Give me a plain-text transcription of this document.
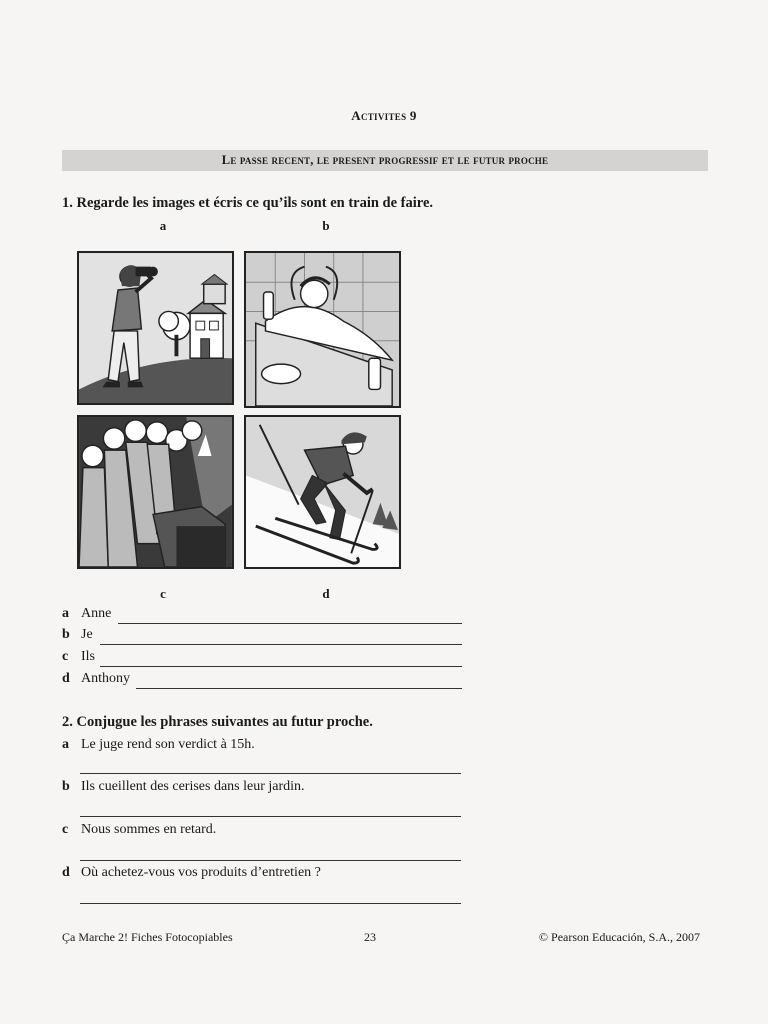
Activites 9
Le passe recent, le present progressif et le futur proche
1. Regarde les images et écris ce qu’ils sont en train de faire.
a	b
c	d
a Anne
b Je
c Ils
d Anthony
2. Conjugue les phrases suivantes au futur proche.
a Le juge rend son verdict à 15h.
b Ils cueillent des cerises dans leur jardin.
c Nous sommes en retard.
d Où achetez-vous vos produits d’entretien ?
Ça Marche 2! Fiches Fotocopiables	23	© Pearson Educación, S.A., 2007
